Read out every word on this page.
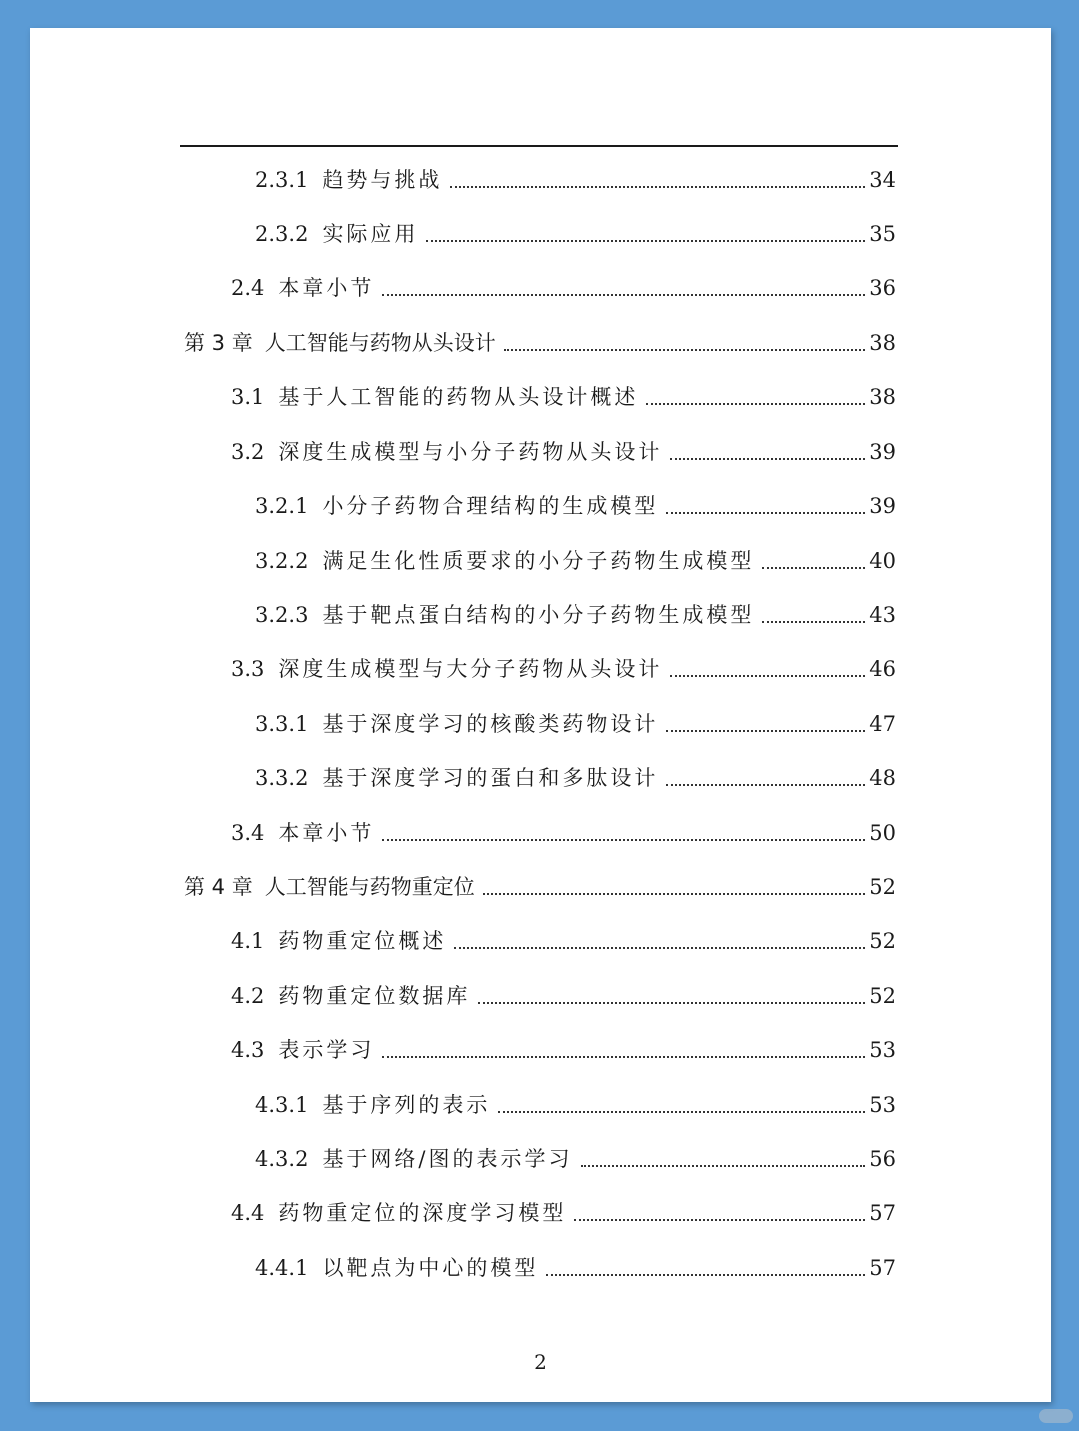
2.3.1 趋势与挑战	34
2.3.2 实际应用	35
2.4 本章小节	36
第 3 章 人工智能与药物从头设计	38
3.1 基于人工智能的药物从头设计概述	38
3.2 深度生成模型与小分子药物从头设计	39
3.2.1 小分子药物合理结构的生成模型	39
3.2.2 满足生化性质要求的小分子药物生成模型	40
3.2.3 基于靶点蛋白结构的小分子药物生成模型	43
3.3 深度生成模型与大分子药物从头设计	46
3.3.1 基于深度学习的核酸类药物设计	47
3.3.2 基于深度学习的蛋白和多肽设计	48
3.4 本章小节	50
第 4 章 人工智能与药物重定位	52
4.1 药物重定位概述	52
4.2 药物重定位数据库	52
4.3 表示学习	53
4.3.1 基于序列的表示	53
4.3.2 基于网络/图的表示学习	56
4.4 药物重定位的深度学习模型	57
4.4.1 以靶点为中心的模型	57
2
